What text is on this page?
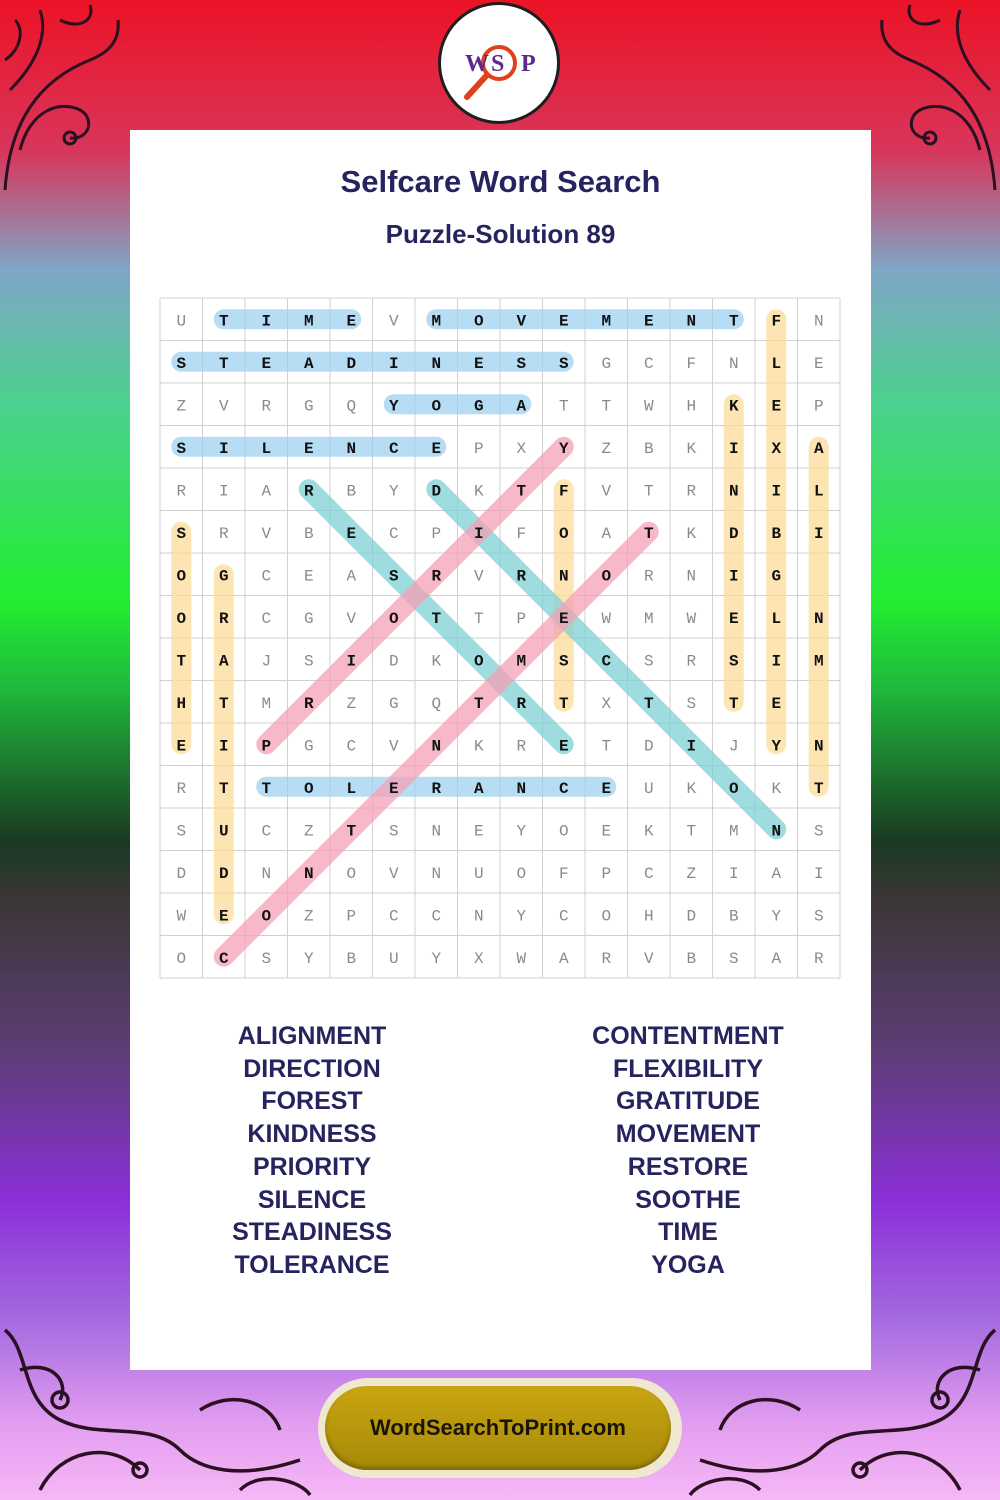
W S P
Selfcare Word Search
Puzzle-Solution 89
U T I M E V M O V E M E N T F N
S T E A D I N E S S G C F N L E
Z V R G Q Y O G A T T W H K E P
S I L E N C E P X Y Z B K I X A
R I A R B Y D K T F V T R N I L
S R V B E C P I F O A T K D B I
O G C E A S R V R N O R N I G
O R C G V O T T P E W M W E L N
T A J S I D K O M S C S R S I M
H T M R Z G Q T R T X T S T E
E I P G C V N K R E T D I J Y N
R T T O L E R A N C E U K O K T
S U C Z T S N E Y O E K T M N S
D D N N O V N U O F P C Z I A I
W E O Z P C C N Y C O H D B Y S
O C S Y B U Y X W A R V B S A R
ALIGNMENT
DIRECTION
FOREST
KINDNESS
PRIORITY
SILENCE
STEADINESS
TOLERANCE
CONTENTMENT
FLEXIBILITY
GRATITUDE
MOVEMENT
RESTORE
SOOTHE
TIME
YOGA
WordSearchToPrint.com
